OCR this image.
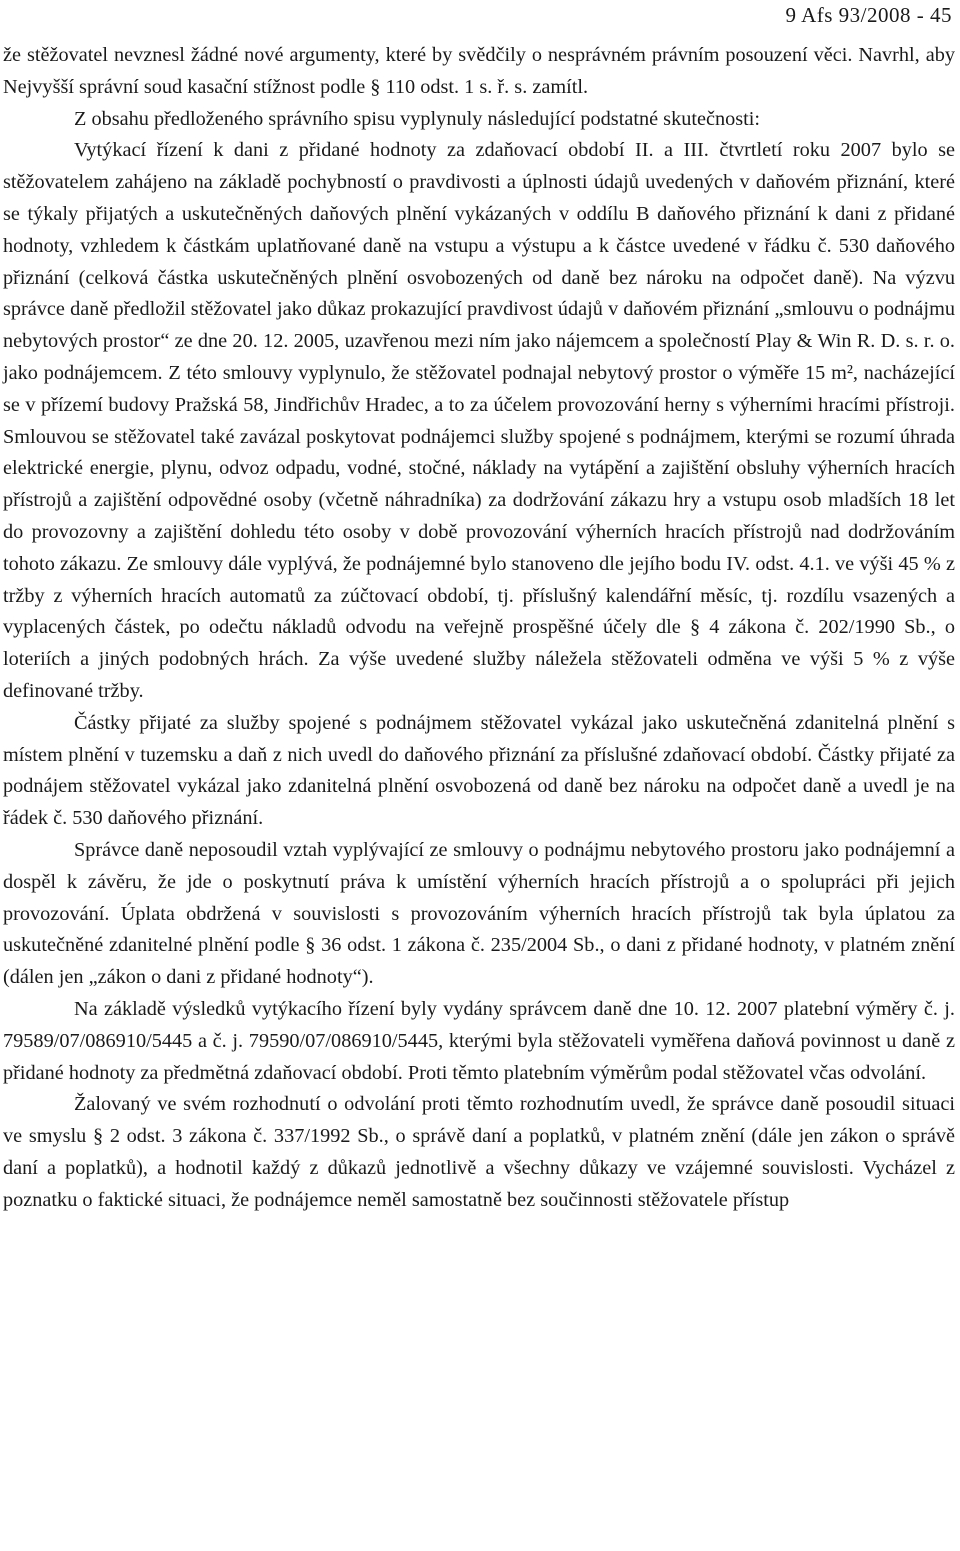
9 Afs 93/2008 - 45

že stěžovatel nevznesl žádné nové argumenty, které by svědčily o nesprávném právním posouzení věci. Navrhl, aby Nejvyšší správní soud kasační stížnost podle § 110 odst. 1 s. ř. s. zamítl.

Z obsahu předloženého správního spisu vyplynuly následující podstatné skutečnosti:

Vytýkací řízení k dani z přidané hodnoty za zdaňovací období II. a III. čtvrtletí roku 2007 bylo se stěžovatelem zahájeno na základě pochybností o pravdivosti a úplnosti údajů uvedených v daňovém přiznání, které se týkaly přijatých a uskutečněných daňových plnění vykázaných v oddílu B daňového přiznání k dani z přidané hodnoty, vzhledem k částkám uplatňované daně na vstupu a výstupu a k částce uvedené v řádku č. 530 daňového přiznání (celková částka uskutečněných plnění osvobozených od daně bez nároku na odpočet daně). Na výzvu správce daně předložil stěžovatel jako důkaz prokazující pravdivost údajů v daňovém přiznání „smlouvu o podnájmu nebytových prostor“ ze dne 20. 12. 2005, uzavřenou mezi ním jako nájemcem a společností Play & Win R. D. s. r. o. jako podnájemcem. Z této smlouvy vyplynulo, že stěžovatel podnajal nebytový prostor o výměře 15 m², nacházející se v přízemí budovy Pražská 58, Jindřichův Hradec, a to za účelem provozování herny s výherními hracími přístroji. Smlouvou se stěžovatel také zavázal poskytovat podnájemci služby spojené s podnájmem, kterými se rozumí úhrada elektrické energie, plynu, odvoz odpadu, vodné, stočné, náklady na vytápění a zajištění obsluhy výherních hracích přístrojů a zajištění odpovědné osoby (včetně náhradníka) za dodržování zákazu hry a vstupu osob mladších 18 let do provozovny a zajištění dohledu této osoby v době provozování výherních hracích přístrojů nad dodržováním tohoto zákazu. Ze smlouvy dále vyplývá, že podnájemné bylo stanoveno dle jejího bodu IV. odst. 4.1. ve výši 45 % z tržby z výherních hracích automatů za zúčtovací období, tj. příslušný kalendářní měsíc, tj. rozdílu vsazených a vyplacených částek, po odečtu nákladů odvodu na veřejně prospěšné účely dle § 4 zákona č. 202/1990 Sb., o loteriích a jiných podobných hrách. Za výše uvedené služby náležela stěžovateli odměna ve výši 5 % z výše definované tržby.

Částky přijaté za služby spojené s podnájmem stěžovatel vykázal jako uskutečněná zdanitelná plnění s místem plnění v tuzemsku a daň z nich uvedl do daňového přiznání za příslušné zdaňovací období. Částky přijaté za podnájem stěžovatel vykázal jako zdanitelná plnění osvobozená od daně bez nároku na odpočet daně a uvedl je na řádek č. 530 daňového přiznání.

Správce daně neposoudil vztah vyplývající ze smlouvy o podnájmu nebytového prostoru jako podnájemní a dospěl k závěru, že jde o poskytnutí práva k umístění výherních hracích přístrojů a o spolupráci při jejich provozování. Úplata obdržená v souvislosti s provozováním výherních hracích přístrojů tak byla úplatou za uskutečněné zdanitelné plnění podle § 36 odst. 1 zákona č. 235/2004 Sb., o dani z přidané hodnoty, v platném znění (dálen jen „zákon o dani z přidané hodnoty“).

Na základě výsledků vytýkacího řízení byly vydány správcem daně dne 10. 12. 2007 platební výměry č. j. 79589/07/086910/5445 a č. j. 79590/07/086910/5445, kterými byla stěžovateli vyměřena daňová povinnost u daně z přidané hodnoty za předmětná zdaňovací období. Proti těmto platebním výměrům podal stěžovatel včas odvolání.

Žalovaný ve svém rozhodnutí o odvolání proti těmto rozhodnutím uvedl, že správce daně posoudil situaci ve smyslu § 2 odst. 3 zákona č. 337/1992 Sb., o správě daní a poplatků, v platném znění (dále jen zákon o správě daní a poplatků), a hodnotil každý z důkazů jednotlivě a všechny důkazy ve vzájemné souvislosti. Vycházel z poznatku o faktické situaci, že podnájemce neměl samostatně bez součinnosti stěžovatele přístup
